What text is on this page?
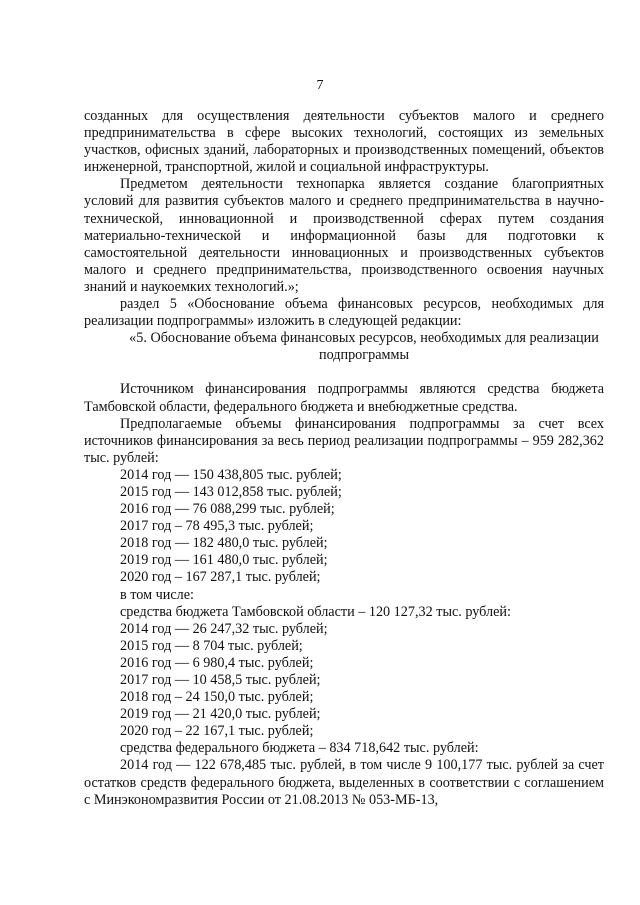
7

созданных для осуществления деятельности субъектов малого и среднего предпринимательства в сфере высоких технологий, состоящих из земельных участков, офисных зданий, лабораторных и производственных помещений, объектов инженерной, транспортной, жилой и социальной инфраструктуры.

Предметом деятельности технопарка является создание благоприятных условий для развития субъектов малого и среднего предпринимательства в научно-технической, инновационной и производственной сферах путем создания материально-технической и информационной базы для подготовки к самостоятельной деятельности инновационных и производственных субъектов малого и среднего предпринимательства, производственного освоения научных знаний и наукоемких технологий.»;

раздел 5 «Обоснование объема финансовых ресурсов, необходимых для реализации подпрограммы» изложить в следующей редакции:

«5. Обоснование объема финансовых ресурсов, необходимых для реализации подпрограммы

Источником финансирования подпрограммы являются средства бюджета Тамбовской области, федерального бюджета и внебюджетные средства.

Предполагаемые объемы финансирования подпрограммы за счет всех источников финансирования за весь период реализации подпрограммы – 959 282,362 тыс. рублей:

2014 год — 150 438,805 тыс. рублей;

2015 год — 143 012,858 тыс. рублей;

2016 год — 76 088,299 тыс. рублей;

2017 год – 78 495,3 тыс. рублей;

2018 год — 182 480,0 тыс. рублей;

2019 год — 161 480,0 тыс. рублей;

2020 год – 167 287,1 тыс. рублей;

в том числе:

средства бюджета Тамбовской области – 120 127,32 тыс. рублей:

2014 год — 26 247,32 тыс. рублей;

2015 год — 8 704 тыс. рублей;

2016 год — 6 980,4 тыс. рублей;

2017 год — 10 458,5 тыс. рублей;

2018 год – 24 150,0 тыс. рублей;

2019 год — 21 420,0 тыс. рублей;

2020 год – 22 167,1 тыс. рублей;

средства федерального бюджета – 834 718,642 тыс. рублей:

2014 год — 122 678,485 тыс. рублей, в том числе 9 100,177 тыс. рублей за счет остатков средств федерального бюджета, выделенных в соответствии с соглашением с Минэкономразвития России от 21.08.2013 № 053-МБ-13,
